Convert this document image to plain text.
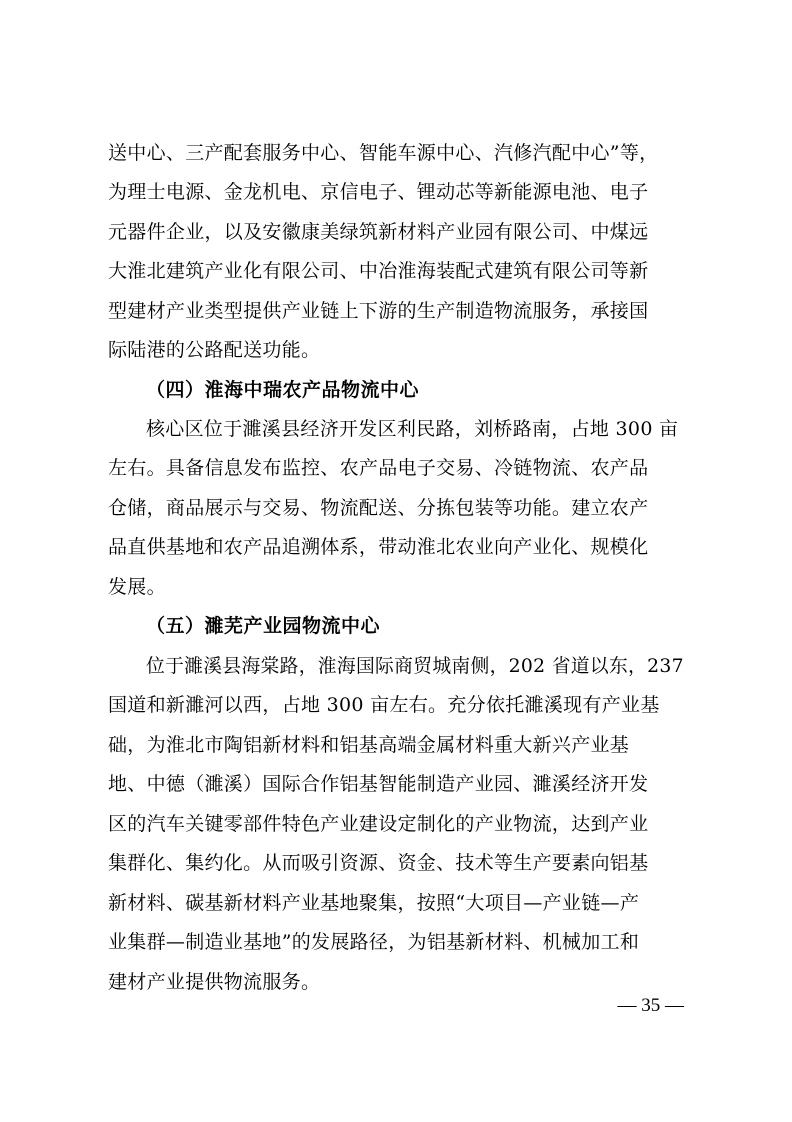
送中心、三产配套服务中心、智能车源中心、汽修汽配中心”等，
为理士电源、金龙机电、京信电子、锂动芯等新能源电池、电子
元器件企业，以及安徽康美绿筑新材料产业园有限公司、中煤远
大淮北建筑产业化有限公司、中冶淮海装配式建筑有限公司等新
型建材产业类型提供产业链上下游的生产制造物流服务，承接国
际陆港的公路配送功能。
（四）淮海中瑞农产品物流中心
核心区位于濉溪县经济开发区利民路，刘桥路南，占地 300 亩
左右。具备信息发布监控、农产品电子交易、冷链物流、农产品
仓储，商品展示与交易、物流配送、分拣包装等功能。建立农产
品直供基地和农产品追溯体系，带动淮北农业向产业化、规模化
发展。
（五）濉芜产业园物流中心
位于濉溪县海棠路，淮海国际商贸城南侧，202 省道以东，237
国道和新濉河以西，占地 300 亩左右。充分依托濉溪现有产业基
础，为淮北市陶铝新材料和铝基高端金属材料重大新兴产业基
地、中德（濉溪）国际合作铝基智能制造产业园、濉溪经济开发
区的汽车关键零部件特色产业建设定制化的产业物流，达到产业
集群化、集约化。从而吸引资源、资金、技术等生产要素向铝基
新材料、碳基新材料产业基地聚集，按照“大项目—产业链—产
业集群—制造业基地”的发展路径，为铝基新材料、机械加工和
建材产业提供物流服务。
— 35 —
